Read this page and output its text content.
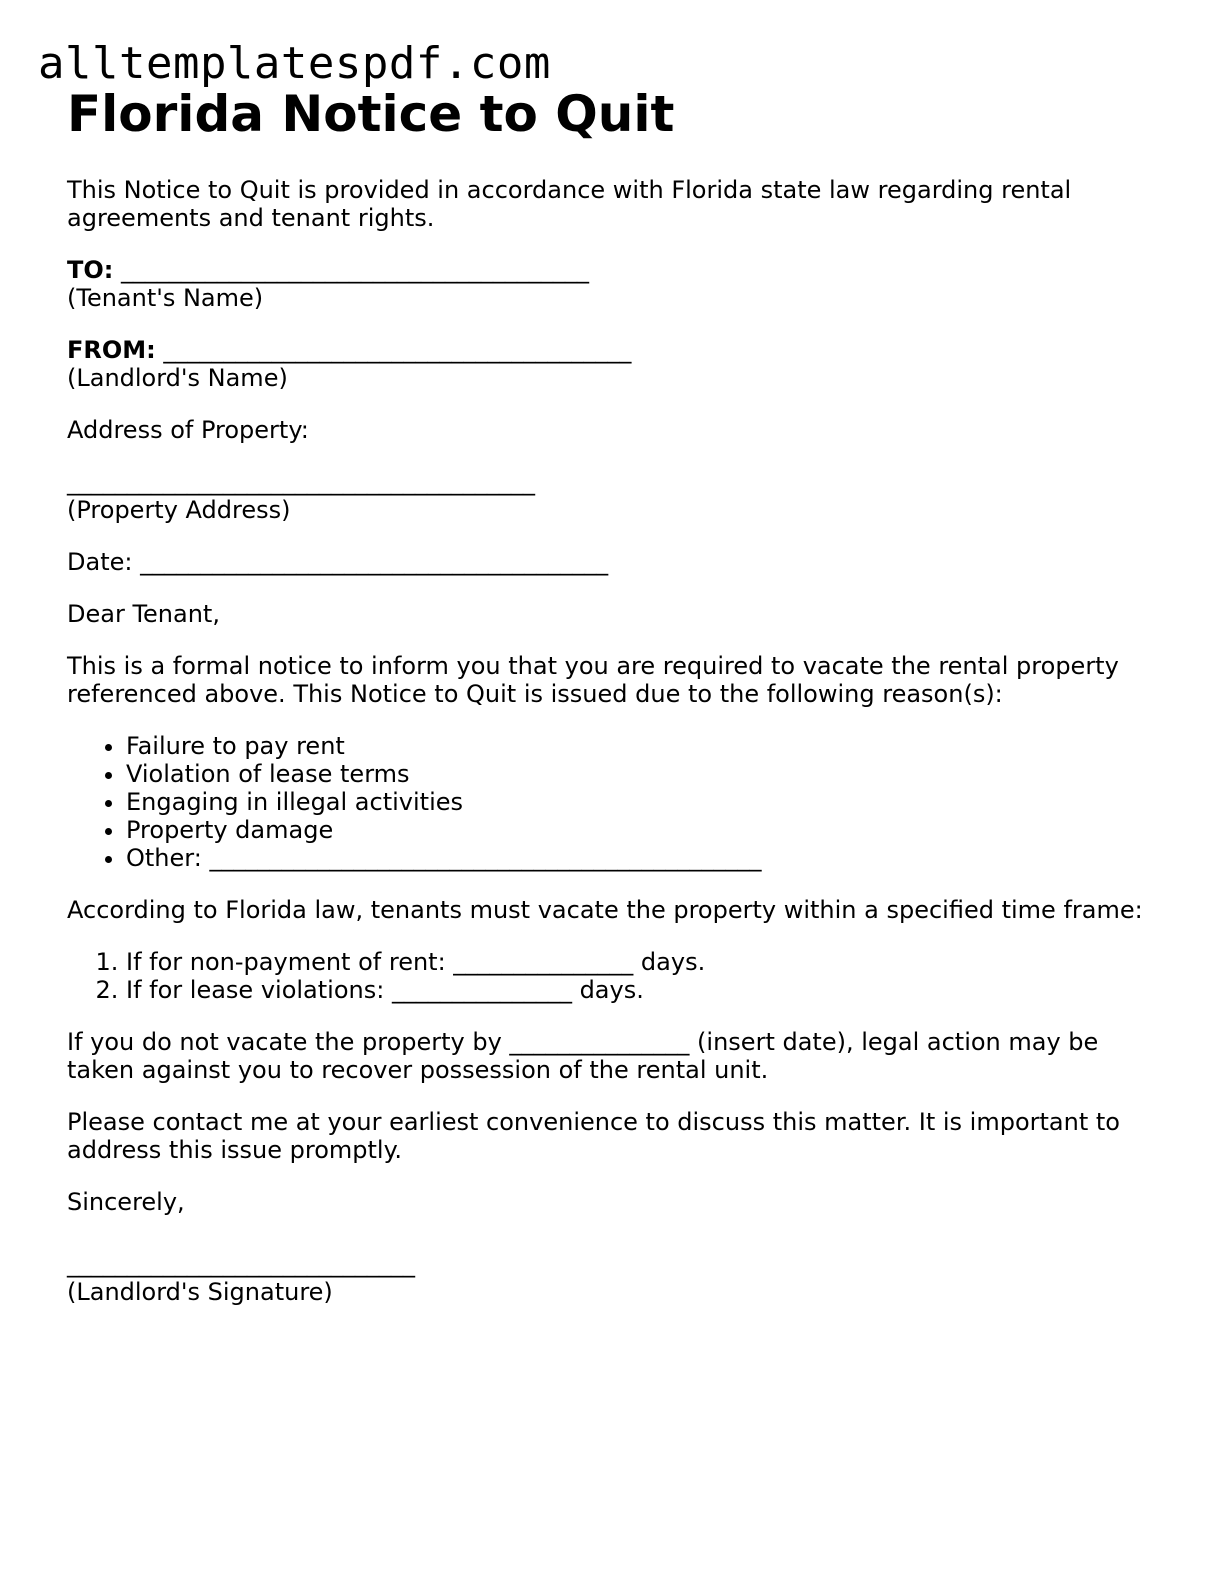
alltemplatespdf.com
Florida Notice to Quit

This Notice to Quit is provided in accordance with Florida state law regarding rental agreements and tenant rights.

TO: _______________________________________
(Tenant's Name)
FROM: _______________________________________
(Landlord's Name)
Address of Property:
_______________________________________
(Property Address)
Date: _______________________________________

Dear Tenant,

This is a formal notice to inform you that you are required to vacate the rental property referenced above. This Notice to Quit is issued due to the following reason(s):

• Failure to pay rent
• Violation of lease terms
• Engaging in illegal activities
• Property damage
• Other: ______________________________________________

According to Florida law, tenants must vacate the property within a specified time frame:

1. If for non-payment of rent: _______________ days.
2. If for lease violations: _______________ days.

If you do not vacate the property by _______________ (insert date), legal action may be taken against you to recover possession of the rental unit.

Please contact me at your earliest convenience to discuss this matter. It is important to address this issue promptly.

Sincerely,

_____________________________
(Landlord's Signature)
